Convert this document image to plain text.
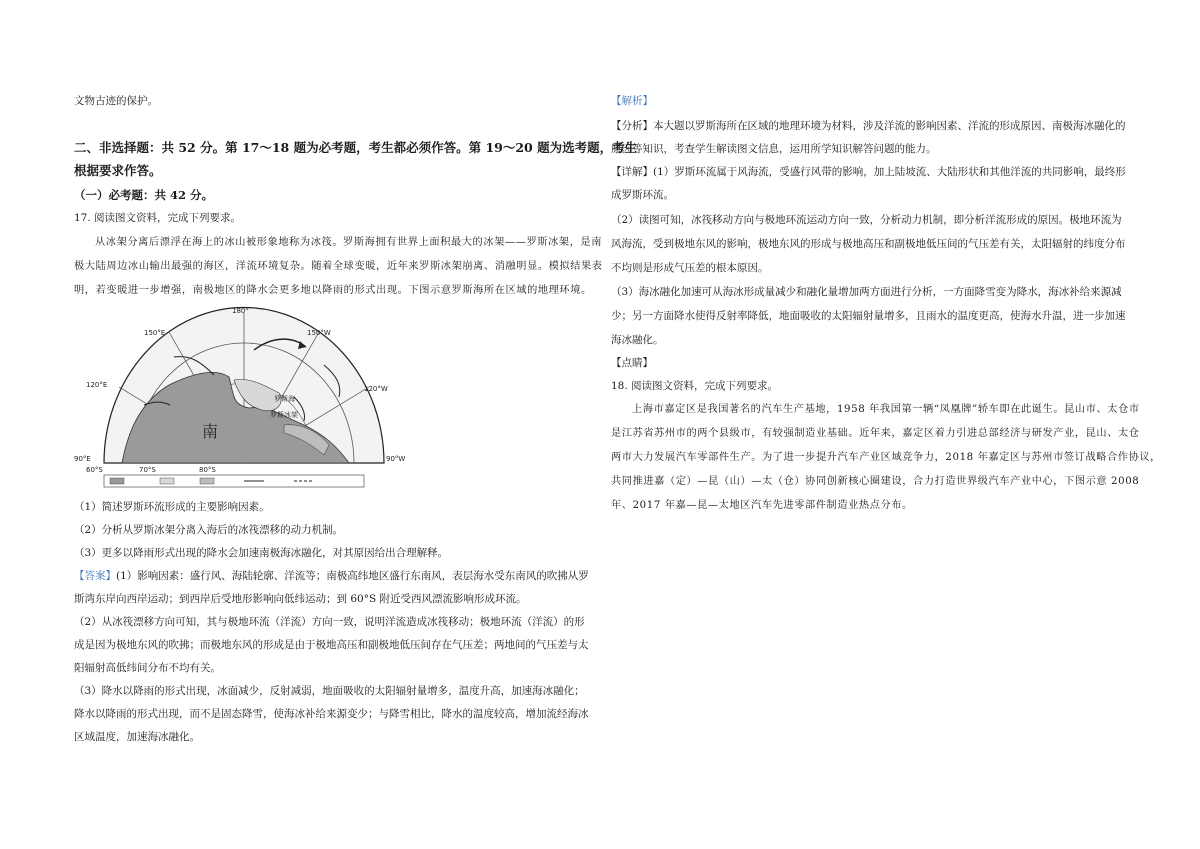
文物古迹的保护。

二、非选择题：共 52 分。第 17～18 题为必考题，考生都必须作答。第 19～20 题为选考题，考生

根据要求作答。

（一）必考题：共 42 分。

17. 阅读图文资料，完成下列要求。

从冰架分离后漂浮在海上的冰山被形象地称为冰筏。罗斯海拥有世界上面积最大的冰架——罗斯冰架，是南

极大陆周边冰山输出最强的海区，洋流环境复杂。随着全球变暖，近年来罗斯冰架崩离、消融明显。模拟结果表

明，若变暖进一步增强，南极地区的降水会更多地以降雨的形式出现。下图示意罗斯海所在区域的地理环境。

180°
150°E	150°W
120°E	120°W
90°E	90°W
60°S	70°S	80°S
南
罗斯海
罗斯冰架

（1）简述罗斯环流形成的主要影响因素。

（2）分析从罗斯冰架分离入海后的冰筏漂移的动力机制。

（3）更多以降雨形式出现的降水会加速南极海冰融化，对其原因给出合理解释。

【答案】(1）影响因素：盛行风、海陆轮廓、洋流等；南极高纬地区盛行东南风，表层海水受东南风的吹拂从罗

斯湾东岸向西岸运动；到西岸后受地形影响向低纬运动；到 60°S 附近受西风漂流影响形成环流。

（2）从冰筏漂移方向可知，其与极地环流（洋流）方向一致，说明洋流造成冰筏移动；极地环流（洋流）的形

成是因为极地东风的吹拂；而极地东风的形成是由于极地高压和副极地低压间存在气压差；两地间的气压差与太

阳辐射高低纬间分布不均有关。

（3）降水以降雨的形式出现，冰面减少，反射减弱，地面吸收的太阳辐射量增多，温度升高，加速海冰融化；

降水以降雨的形式出现，而不是固态降雪，使海冰补给来源变少；与降雪相比，降水的温度较高，增加流经海冰

区域温度，加速海冰融化。

【解析】

【分析】本大题以罗斯海所在区域的地理环境为材料，涉及洋流的影响因素、洋流的形成原因、南极海冰融化的

原因等知识，考查学生解读图文信息，运用所学知识解答问题的能力。

【详解】(1）罗斯环流属于风海流，受盛行风带的影响，加上陆坡流、大陆形状和其他洋流的共同影响，最终形

成罗斯环流。

（2）读图可知，冰筏移动方向与极地环流运动方向一致，分析动力机制，即分析洋流形成的原因。极地环流为

风海流，受到极地东风的影响，极地东风的形成与极地高压和副极地低压间的气压差有关，太阳辐射的纬度分布

不均则是形成气压差的根本原因。

（3）海冰融化加速可从海冰形成量减少和融化量增加两方面进行分析，一方面降雪变为降水，海冰补给来源减

少；另一方面降水使得反射率降低，地面吸收的太阳辐射量增多，且雨水的温度更高，使海水升温，进一步加速

海冰融化。

【点睛】

18. 阅读图文资料，完成下列要求。

上海市嘉定区是我国著名的汽车生产基地，1958 年我国第一辆“凤凰牌”轿车即在此诞生。昆山市、太仓市

是江苏省苏州市的两个县级市，有较强制造业基础。近年来，嘉定区着力引进总部经济与研发产业，昆山、太仓

两市大力发展汽车零部件生产。为了进一步提升汽车产业区域竞争力，2018 年嘉定区与苏州市签订战略合作协议，

共同推进嘉（定）—昆（山）—太（仓）协同创新核心圈建设，合力打造世界级汽车产业中心，下图示意 2008

年、2017 年嘉—昆—太地区汽车先进零部件制造业热点分布。
